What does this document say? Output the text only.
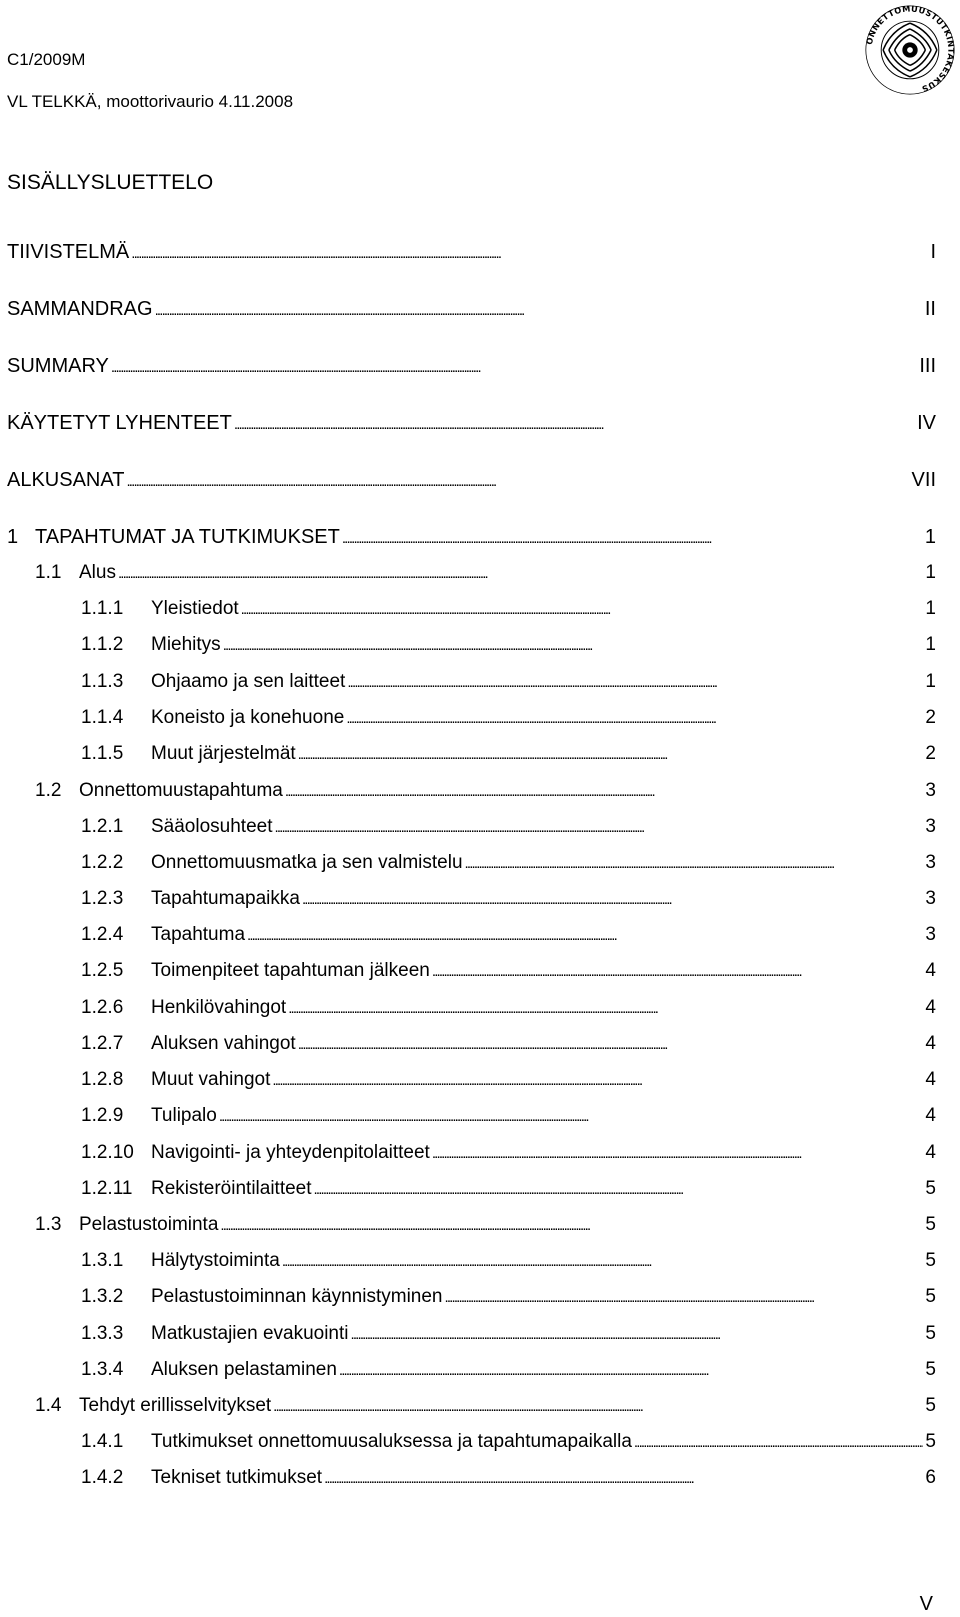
C1/2009M
VL TELKKÄ, moottorivaurio 4.11.2008
ONNETTOMUUSTUTKINTAKESKUS
SISÄLLYSLUETTELO
TIIVISTELMÄ . . .	I
SAMMANDRAG . . .	II
SUMMARY . . .	III
KÄYTETYT LYHENTEET . . .	IV
ALKUSANAT . . .	VII
1 TAPAHTUMAT JA TUTKIMUKSET . . .	1
1.1 Alus . . .	1
1.1.1	Yleistiedot . . .	1
1.1.2	Miehitys . . .	1
1.1.3	Ohjaamo ja sen laitteet . . .	1
1.1.4	Koneisto ja konehuone . . .	2
1.1.5	Muut järjestelmät . . .	2
1.2 Onnettomuustapahtuma . . .	3
1.2.1	Sääolosuhteet . . .	3
1.2.2	Onnettomuusmatka ja sen valmistelu . . .	3
1.2.3	Tapahtumapaikka . . .	3
1.2.4	Tapahtuma . . .	3
1.2.5	Toimenpiteet tapahtuman jälkeen . . .	4
1.2.6	Henkilövahingot . . .	4
1.2.7	Aluksen vahingot . . .	4
1.2.8	Muut vahingot . . .	4
1.2.9	Tulipalo . . .	4
1.2.10 Navigointi- ja yhteydenpitolaitteet . . .	4
1.2.11 Rekisteröintilaitteet . . .	5
1.3 Pelastustoiminta . . .	5
1.3.1	Hälytystoiminta . . .	5
1.3.2	Pelastustoiminnan käynnistyminen . . .	5
1.3.3	Matkustajien evakuointi . . .	5
1.3.4	Aluksen pelastaminen . . .	5
1.4 Tehdyt erillisselvitykset . . .	5
1.4.1	Tutkimukset onnettomuusaluksessa ja tapahtumapaikalla . . .	5
1.4.2	Tekniset tutkimukset . . .	6
V
